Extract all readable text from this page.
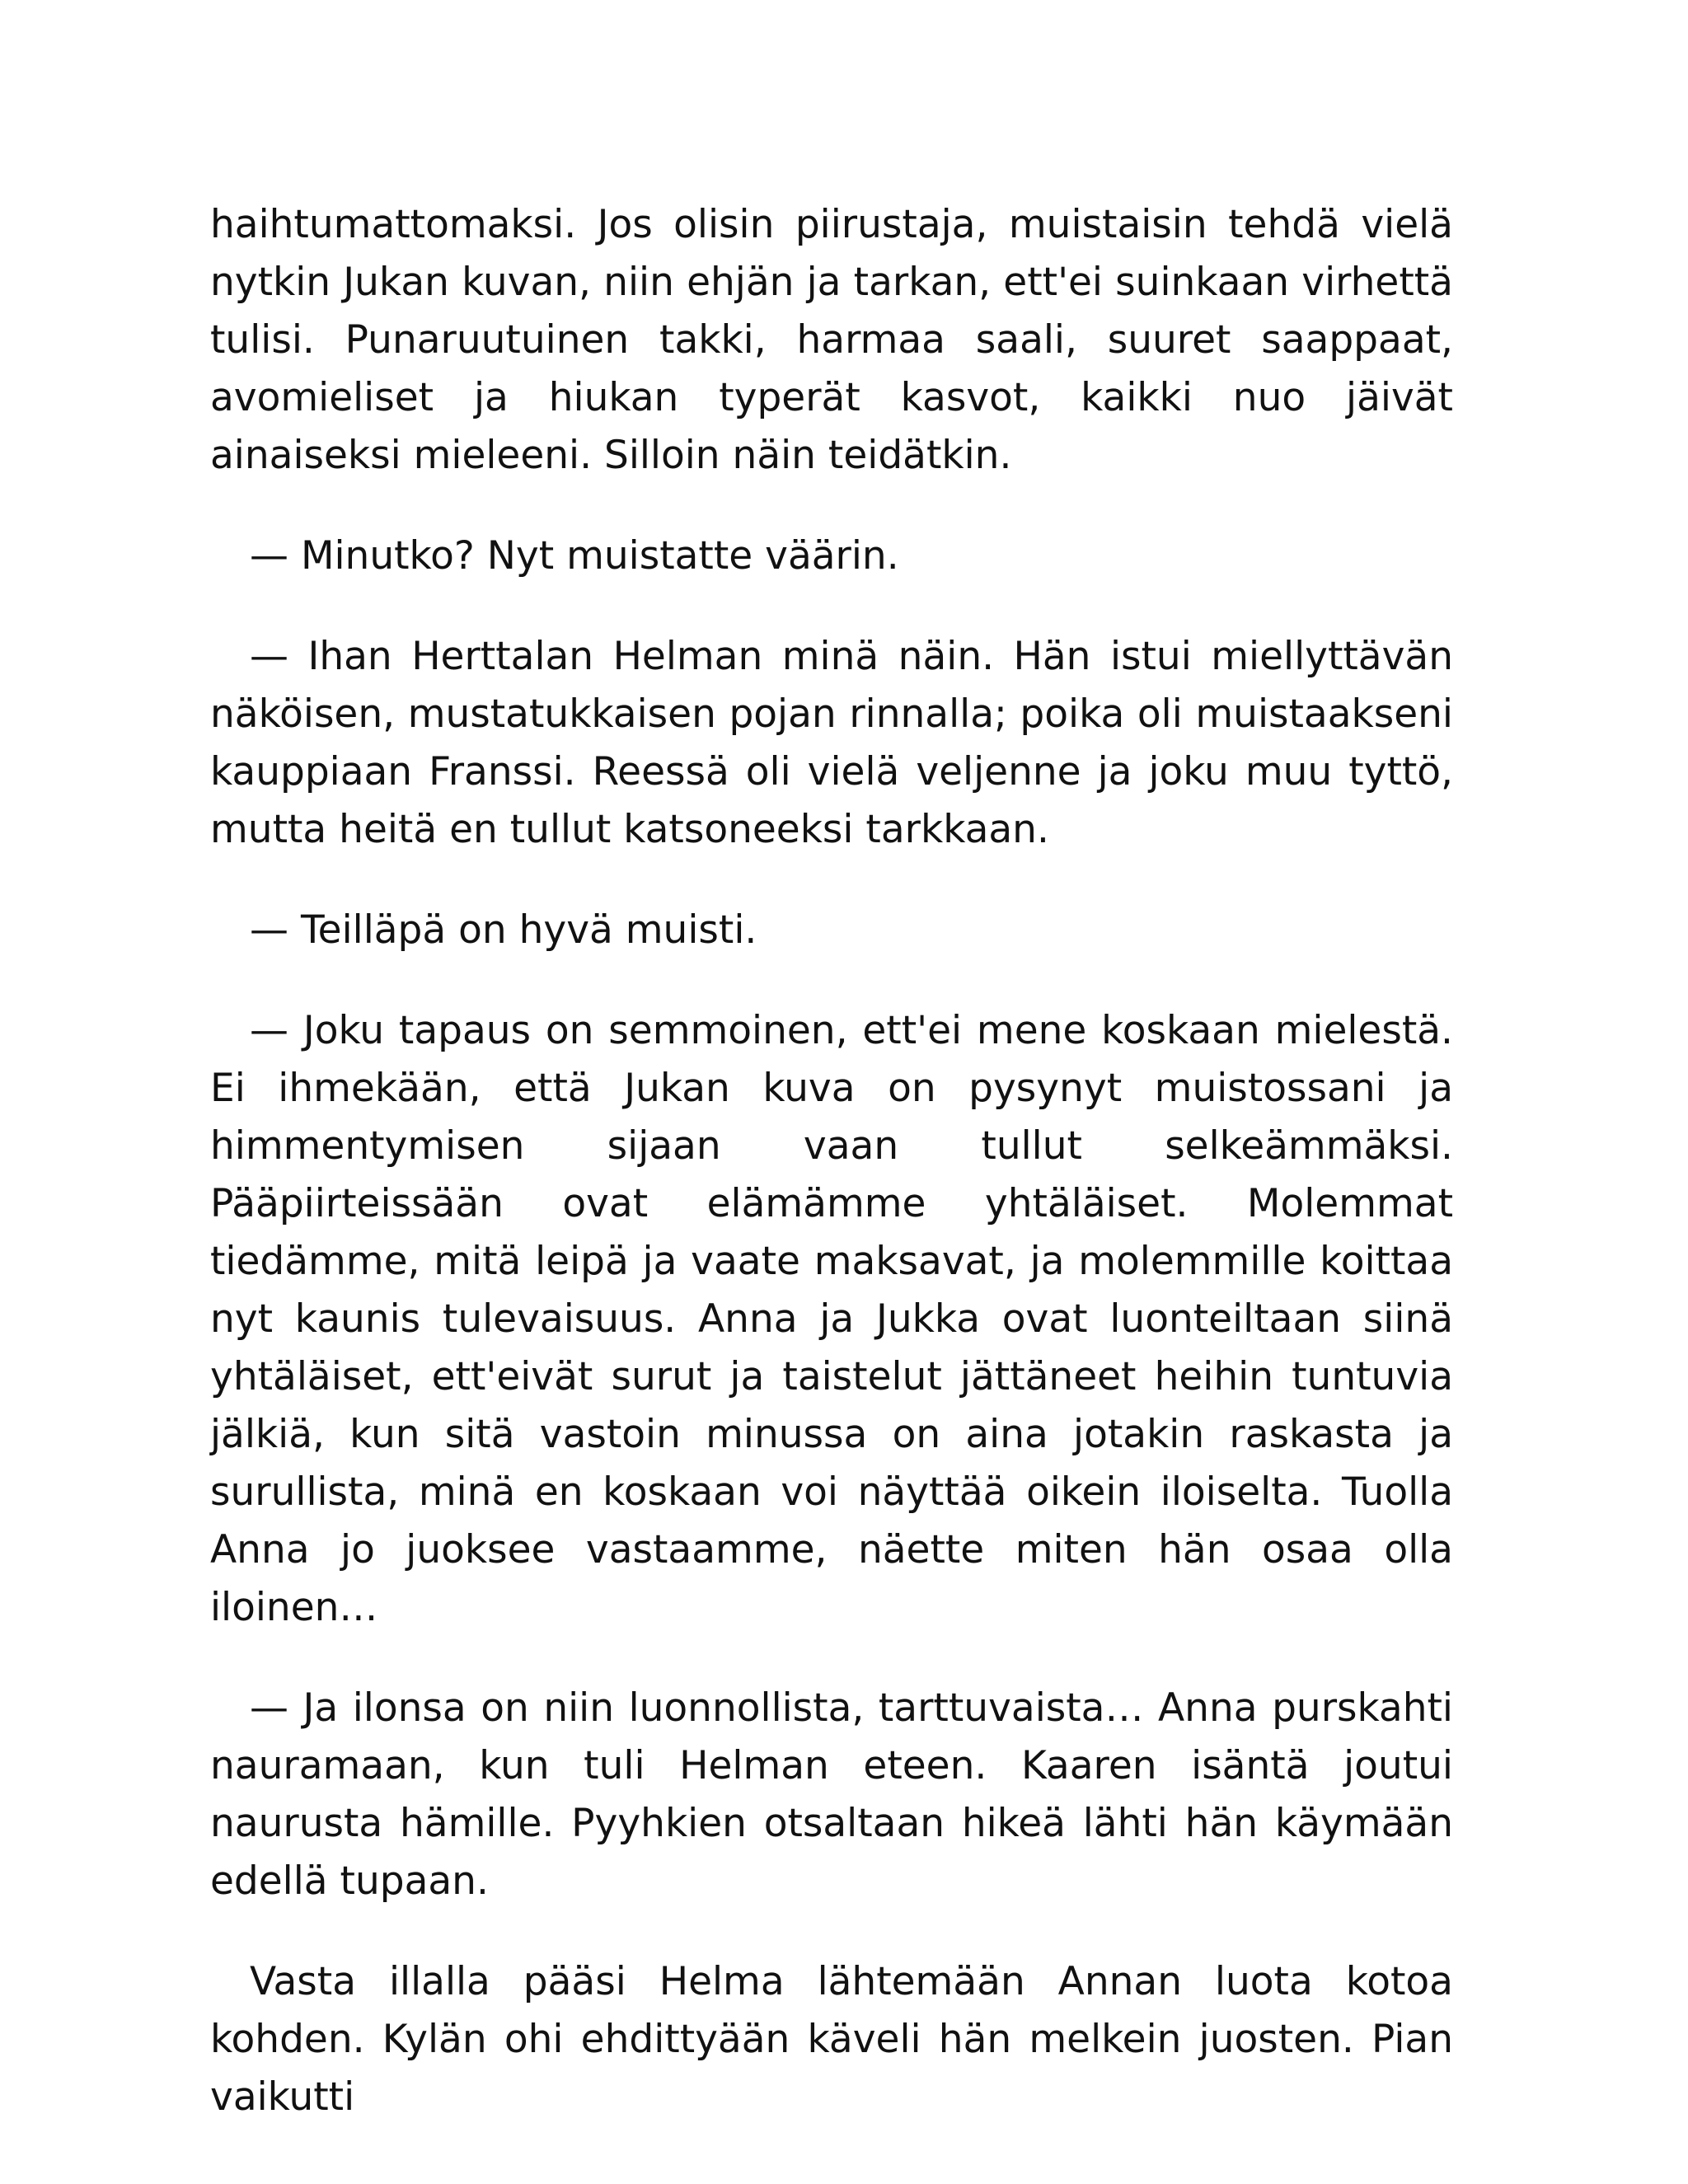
haihtumattomaksi. Jos olisin piirustaja, muistaisin tehdä vielä nytkin Jukan kuvan, niin ehjän ja tarkan, ett'ei suinkaan virhettä tulisi. Punaruutuinen takki, harmaa saali, suuret saappaat, avomieliset ja hiukan typerät kasvot, kaikki nuo jäivät ainaiseksi mieleeni. Silloin näin teidätkin.

— Minutko? Nyt muistatte väärin.

— Ihan Herttalan Helman minä näin. Hän istui miellyttävän näköisen, mustatukkaisen pojan rinnalla; poika oli muistaakseni kauppiaan Franssi. Reessä oli vielä veljenne ja joku muu tyttö, mutta heitä en tullut katsoneeksi tarkkaan.

— Teilläpä on hyvä muisti.

— Joku tapaus on semmoinen, ett'ei mene koskaan mielestä. Ei ihmekään, että Jukan kuva on pysynyt muistossani ja himmentymisen sijaan vaan tullut selkeämmäksi. Pääpiirteissään ovat elämämme yhtäläiset. Molemmat tiedämme, mitä leipä ja vaate maksavat, ja molemmille koittaa nyt kaunis tulevaisuus. Anna ja Jukka ovat luonteiltaan siinä yhtäläiset, ett'eivät surut ja taistelut jättäneet heihin tuntuvia jälkiä, kun sitä vastoin minussa on aina jotakin raskasta ja surullista, minä en koskaan voi näyttää oikein iloiselta. Tuolla Anna jo juoksee vastaamme, näette miten hän osaa olla iloinen…

— Ja ilonsa on niin luonnollista, tarttuvaista… Anna purskahti nauramaan, kun tuli Helman eteen. Kaaren isäntä joutui naurusta hämille. Pyyhkien otsaltaan hikeä lähti hän käymään edellä tupaan.

Vasta illalla pääsi Helma lähtemään Annan luota kotoa kohden. Kylän ohi ehdittyään käveli hän melkein juosten. Pian vaikutti
